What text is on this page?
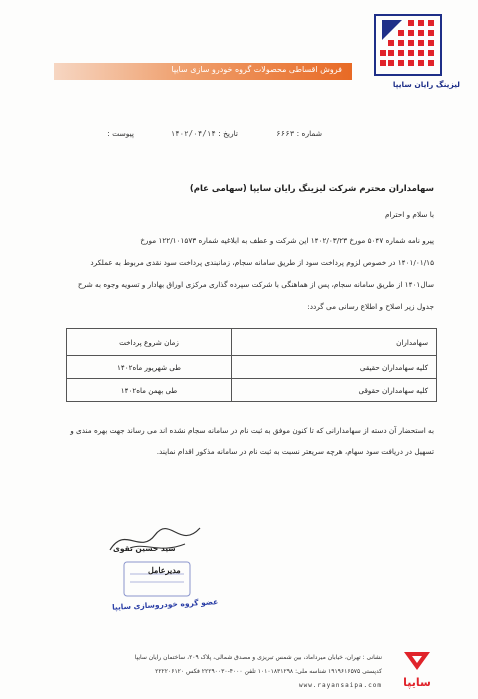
لیزینگ رایان سایپا
فروش اقساطی محصولات گروه خودرو سازی سایپا
شماره : ۶۶۶۳
تاریخ : ۱۴۰۲/۰۴/۱۴
پیوست :
سهامداران محترم شرکت لیزینگ رایان سایپا (سهامی عام)
با سلام و احترام
پیرو نامه شماره ۵۰۴۷ مورخ ۱۴۰۲/۰۳/۲۳ این شرکت و عطف به ابلاغیه شماره ۱۲۲/۱۰۱۵۷۳ مورخ
۱۴۰۱/۰۱/۱۵ در خصوص لزوم پرداخت سود از طریق سامانه سجام، زمانبندی پرداخت سود نقدی مربوط به عملکرد
سال۱۴۰۱ از طریق سامانه سجام، پس از هماهنگی با شرکت سپرده گذاری مرکزی اوراق بهادار و تسویه وجوه به شرح
جدول زیر اصلاح و اطلاع رسانی می گردد:
سهامداران	زمان شروع پرداخت
کلیه سهامداران حقیقی	طی شهریور ماه۱۴۰۲
کلیه سهامداران حقوقی	طی بهمن ماه۱۴۰۲
به استحضار آن دسته از سهامدارانی که تا کنون موفق به ثبت نام در سامانه سجام نشده اند می رساند جهت بهره مندی و
تسهیل در دریافت سود سهام، هرچه سریعتر نسبت به ثبت نام در سامانه مذکور اقدام نمایند.
سید حسین تقوی
مدیرعامل
عضو گروه خودروسازی سایپا
نشانی : تهران، خیابان میرداماد، بین شمس تبریزی و مصدق شمالی، پلاک ۲۰۹، ساختمان رایان سایپا
کدپستی ۱۹۱۹۶۱۶۵۷۵ شناسه ملی: ۱۰۱۰۱۸۳۱۲۹۸ تلفن ۴۰۰۰-۲۲۲۹۰۰۳۰ فکس ۲۲۲۲۰۶۱۲۰
www.rayansaipa.com	سایپا
